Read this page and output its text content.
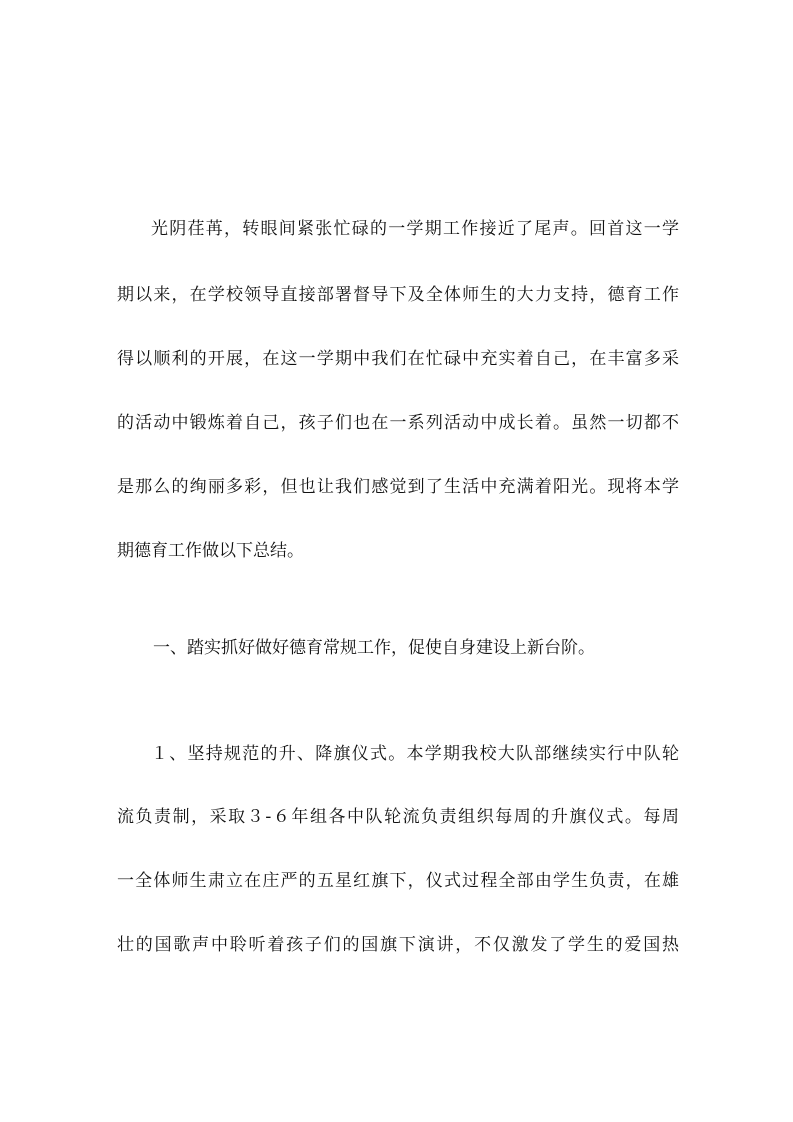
光阴荏苒，转眼间紧张忙碌的一学期工作接近了尾声。回首这一学
期以来，在学校领导直接部署督导下及全体师生的大力支持，德育工作
得以顺利的开展，在这一学期中我们在忙碌中充实着自己，在丰富多采
的活动中锻炼着自己，孩子们也在一系列活动中成长着。虽然一切都不
是那么的绚丽多彩，但也让我们感觉到了生活中充满着阳光。现将本学
期德育工作做以下总结。
一、踏实抓好做好德育常规工作，促使自身建设上新台阶。
１、坚持规范的升、降旗仪式。本学期我校大队部继续实行中队轮
流负责制，采取３-６年组各中队轮流负责组织每周的升旗仪式。每周
一全体师生肃立在庄严的五星红旗下，仪式过程全部由学生负责，在雄
壮的国歌声中聆听着孩子们的国旗下演讲，不仅激发了学生的爱国热
